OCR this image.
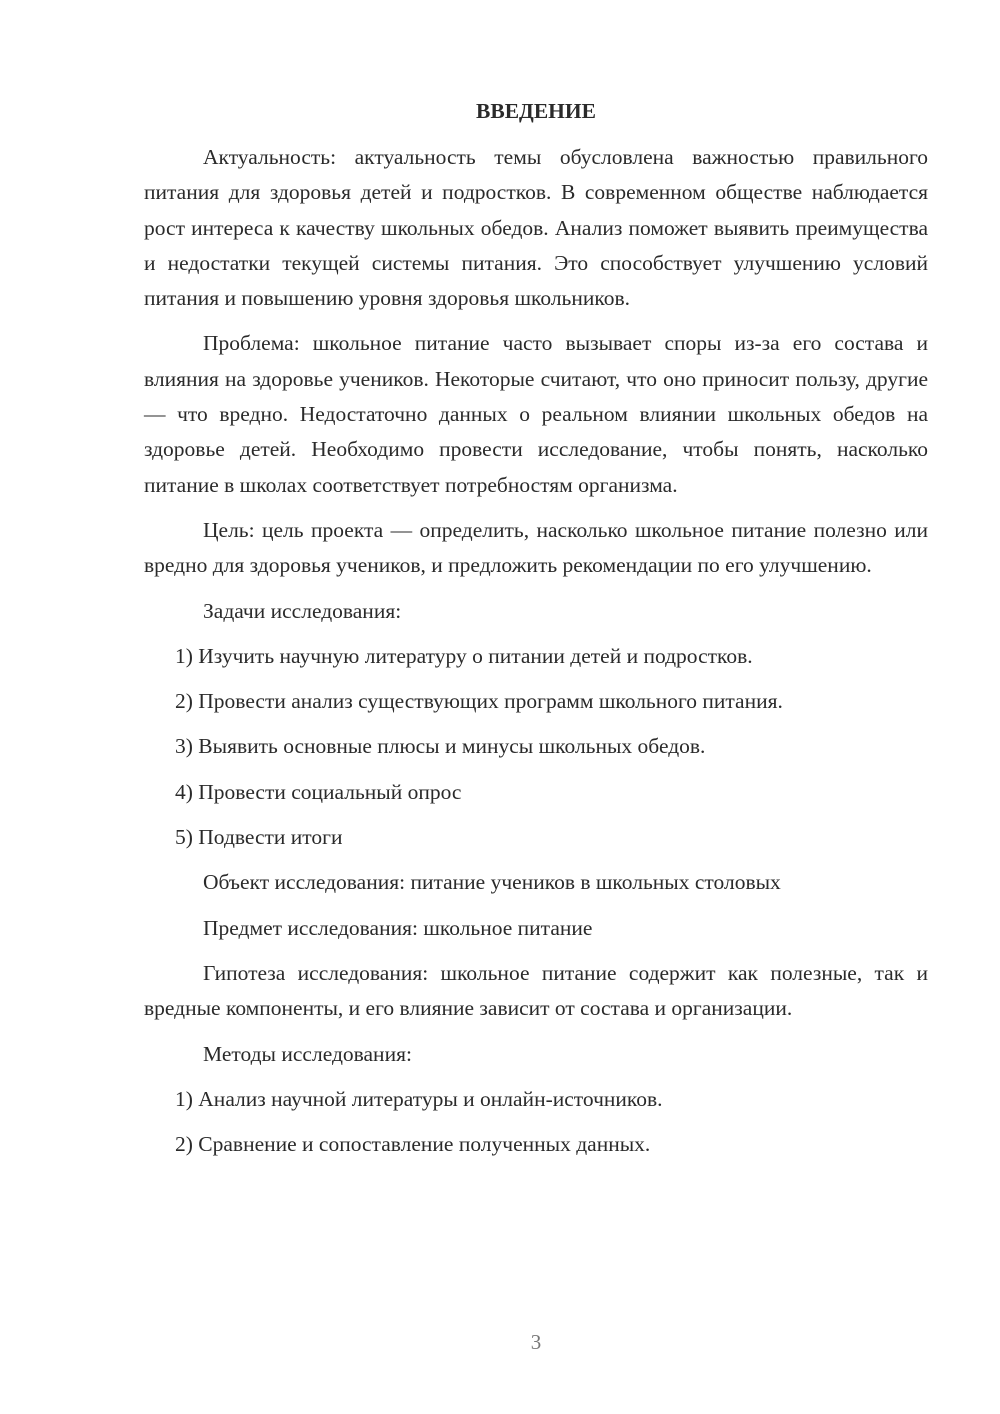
ВВЕДЕНИЕ

Актуальность: актуальность темы обусловлена важностью правильного питания для здоровья детей и подростков. В современном обществе наблюдается рост интереса к качеству школьных обедов. Анализ поможет выявить преимущества и недостатки текущей системы питания. Это способствует улучшению условий питания и повышению уровня здоровья школьников.

Проблема: школьное питание часто вызывает споры из-за его состава и влияния на здоровье учеников. Некоторые считают, что оно приносит пользу, другие — что вредно. Недостаточно данных о реальном влиянии школьных обедов на здоровье детей. Необходимо провести исследование, чтобы понять, насколько питание в школах соответствует потребностям организма.

Цель: цель проекта — определить, насколько школьное питание полезно или вредно для здоровья учеников, и предложить рекомендации по его улучшению.

Задачи исследования:
1) Изучить научную литературу о питании детей и подростков.
2) Провести анализ существующих программ школьного питания.
3) Выявить основные плюсы и минусы школьных обедов.
4) Провести социальный опрос
5) Подвести итоги
Объект исследования: питание учеников в школьных столовых
Предмет исследования: школьное питание

Гипотеза исследования: школьное питание содержит как полезные, так и вредные компоненты, и его влияние зависит от состава и организации.

Методы исследования:
1) Анализ научной литературы и онлайн-источников.
2) Сравнение и сопоставление полученных данных.
3
